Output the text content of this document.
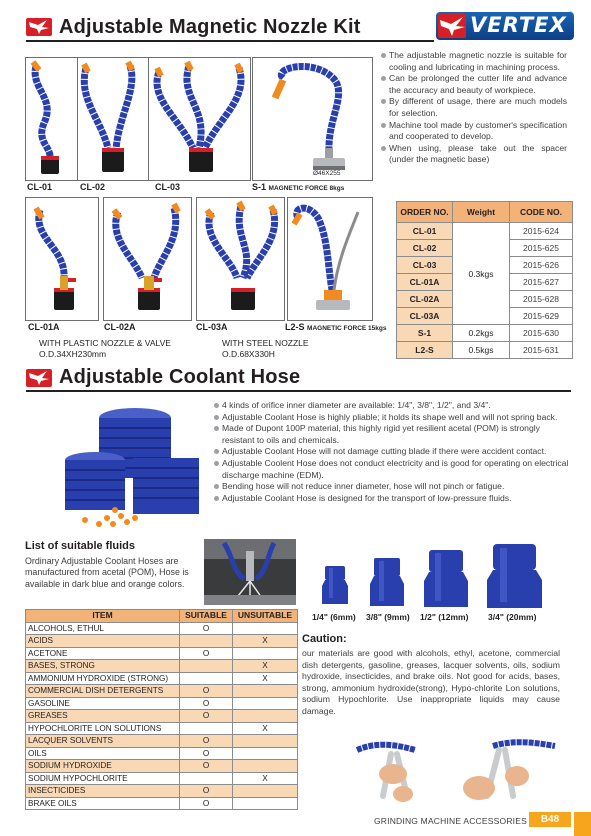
Adjustable Magnetic Nozzle Kit	VERTEX ®
Ø46X255
CL-01	CL-02	CL-03	S-1 MAGNETIC FORCE 8kgs
CL-01A	CL-02A	CL-03A	L2-S MAGNETIC FORCE 15kgs
WITH PLASTIC NOZZLE & VALVE
O.D.34XH230mm
WITH STEEL NOZZLE
O.D.68X330H
The adjustable magnetic nozzle is suitable for cooling and lubricating in machining process.
Can be prolonged the cutter life and advance the accuracy and beauty of workpiece.
By different of usage, there are much models for selection.
Machine tool made by customer's specification and cooperated to develop.
When using, please take out the spacer (under the magnetic base)
ORDER NO.	Weight	CODE NO.
CL-01	0.3kgs	2015-624
CL-02		2015-625
CL-03		2015-626
CL-01A		2015-627
CL-02A		2015-628
CL-03A		2015-629
S-1	0.2kgs	2015-630
L2-S	0.5kgs	2015-631
Adjustable Coolant Hose
4 kinds of orifice inner diameter are available: 1/4", 3/8", 1/2", and 3/4".
Adjustable Coolant Hose is highly pliable; it holds its shape well and will not spring back.
Made of Dupont 100P material, this highly rigid yet resilient acetal (POM) is strongly resistant to oils and chemicals.
Adjustable Coolant Hose will not damage cutting blade if there were accident contact.
Adjustable Coolent Hose does not conduct electricity and is good for operating on electrical discharge machine (EDM).
Bending hose will not reduce inner diameter, hose will not pinch or fatigue.
Adjustable Coolant Hose is designed for the transport of low-pressure fluids.
List of suitable fluids
Ordinary Adjustable Coolant Hoses are manufactured from acetal (POM), Hose is available in dark blue and orange colors.
1/4" (6mm) 3/8" (9mm) 1/2" (12mm) 3/4" (20mm)
ITEM	SUITABLE	UNSUITABLE
ALCOHOLS, ETHUL	O	
ACIDS		X
ACETONE	O	
BASES, STRONG		X
AMMONIUM HYDROXIDE (STRONG)		X
COMMERCIAL DISH DETERGENTS	O	
GASOLINE	O	
GREASES	O	
HYPOCHLORITE LON SOLUTIONS		X
LACQUER SOLVENTS	O	
OILS	O	
SODIUM HYDROXIDE	O	
SODIUM HYPOCHLORITE		X
INSECTICIDES	O	
BRAKE OILS	O	
Caution:
our materials are good with alcohols, ethyl, acetone, commercial dish detergents, gasoline, greases, lacquer solvents, oils, sodium hydroxide, insecticides, and brake oils. Not good for acids, bases, strong, ammonium hydroxide(strong), Hypo-chlorite Lon solutions, sodium Hypochlorite. Use inappropriate liquids may cause damage.
GRINDING MACHINE ACCESSORIES	B48
